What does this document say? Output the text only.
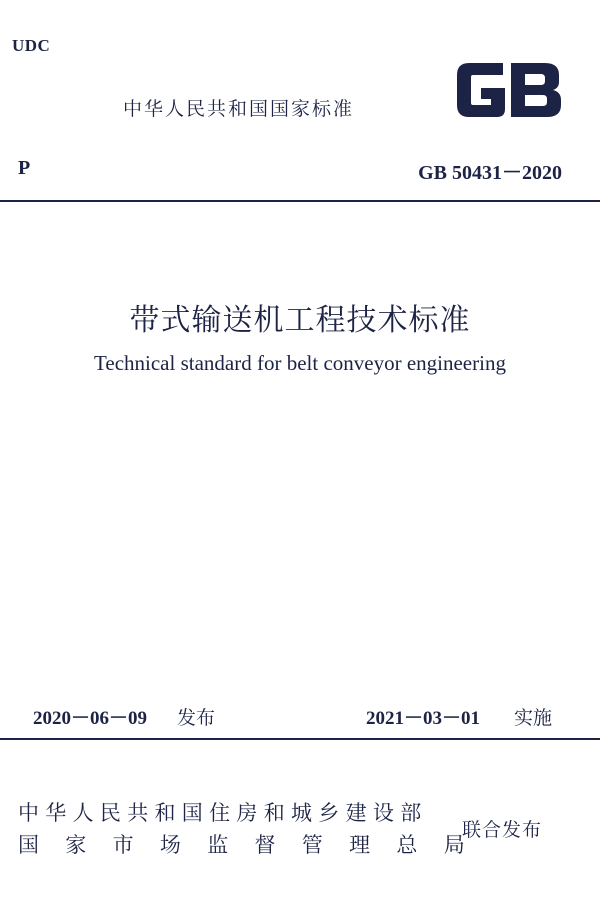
UDC
中华人民共和国国家标准
P	GB 50431－2020
带式输送机工程技术标准
Technical standard for belt conveyor engineering
2020－06－09 发布	2021－03－01 实施
中华人民共和国住房和城乡建设部
国家市场监督管理总局
联合发布
